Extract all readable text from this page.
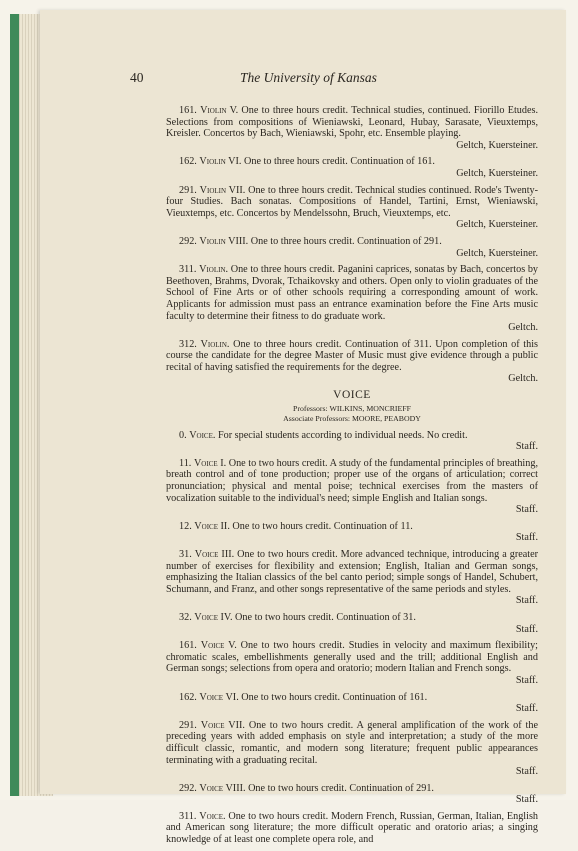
40	The University of Kansas

161. Violin V. One to three hours credit. Technical studies, continued. Fiorillo Etudes. Selections from compositions of Wieniawski, Leonard, Hubay, Sarasate, Vieuxtemps, Kreisler. Concertos by Bach, Wieniawski, Spohr, etc. Ensemble playing.
Geltch, Kuersteiner.

162. Violin VI. One to three hours credit. Continuation of 161.
Geltch, Kuersteiner.

291. Violin VII. One to three hours credit. Technical studies continued. Rode's Twenty-four Studies. Bach sonatas. Compositions of Handel, Tartini, Ernst, Wieniawski, Vieuxtemps, etc. Concertos by Mendelssohn, Bruch, Vieuxtemps, etc.
Geltch, Kuersteiner.

292. Violin VIII. One to three hours credit. Continuation of 291.
Geltch, Kuersteiner.

311. Violin. One to three hours credit. Paganini caprices, sonatas by Bach, concertos by Beethoven, Brahms, Dvorak, Tchaikovsky and others. Open only to violin graduates of the School of Fine Arts or of other schools requiring a corresponding amount of work. Applicants for admission must pass an entrance examination before the Fine Arts music faculty to determine their fitness to do graduate work.
Geltch.

312. Violin. One to three hours credit. Continuation of 311. Upon completion of this course the candidate for the degree Master of Music must give evidence through a public recital of having satisfied the requirements for the degree.
Geltch.

VOICE

Professors: WILKINS, MONCRIEFF

Associate Professors: MOORE, PEABODY

0. Voice. For special students according to individual needs. No credit.
Staff.

11. Voice I. One to two hours credit. A study of the fundamental principles of breathing, breath control and of tone production; proper use of the organs of articulation; correct pronunciation; physical and mental poise; technical exercises from the masters of vocalization suitable to the individual's need; simple English and Italian songs.
Staff.

12. Voice II. One to two hours credit. Continuation of 11.
Staff.

31. Voice III. One to two hours credit. More advanced technique, introducing a greater number of exercises for flexibility and extension; English, Italian and German songs, emphasizing the Italian classics of the bel canto period; simple songs of Handel, Schubert, Schumann, and Franz, and other songs representative of the same periods and styles.
Staff.

32. Voice IV. One to two hours credit. Continuation of 31.
Staff.

161. Voice V. One to two hours credit. Studies in velocity and maximum flexibility; chromatic scales, embellishments generally used and the trill; additional English and German songs; selections from opera and oratorio; modern Italian and French songs.
Staff.

162. Voice VI. One to two hours credit. Continuation of 161.
Staff.

291. Voice VII. One to two hours credit. A general amplification of the work of the preceding years with added emphasis on style and interpretation; a study of the more difficult classic, romantic, and modern song literature; frequent public appearances terminating with a graduating recital.
Staff.

292. Voice VIII. One to two hours credit. Continuation of 291.
Staff.

311. Voice. One to two hours credit. Modern French, Russian, German, Italian, English and American song literature; the more difficult operatic and oratorio arias; a singing knowledge of at least one complete opera role, and
